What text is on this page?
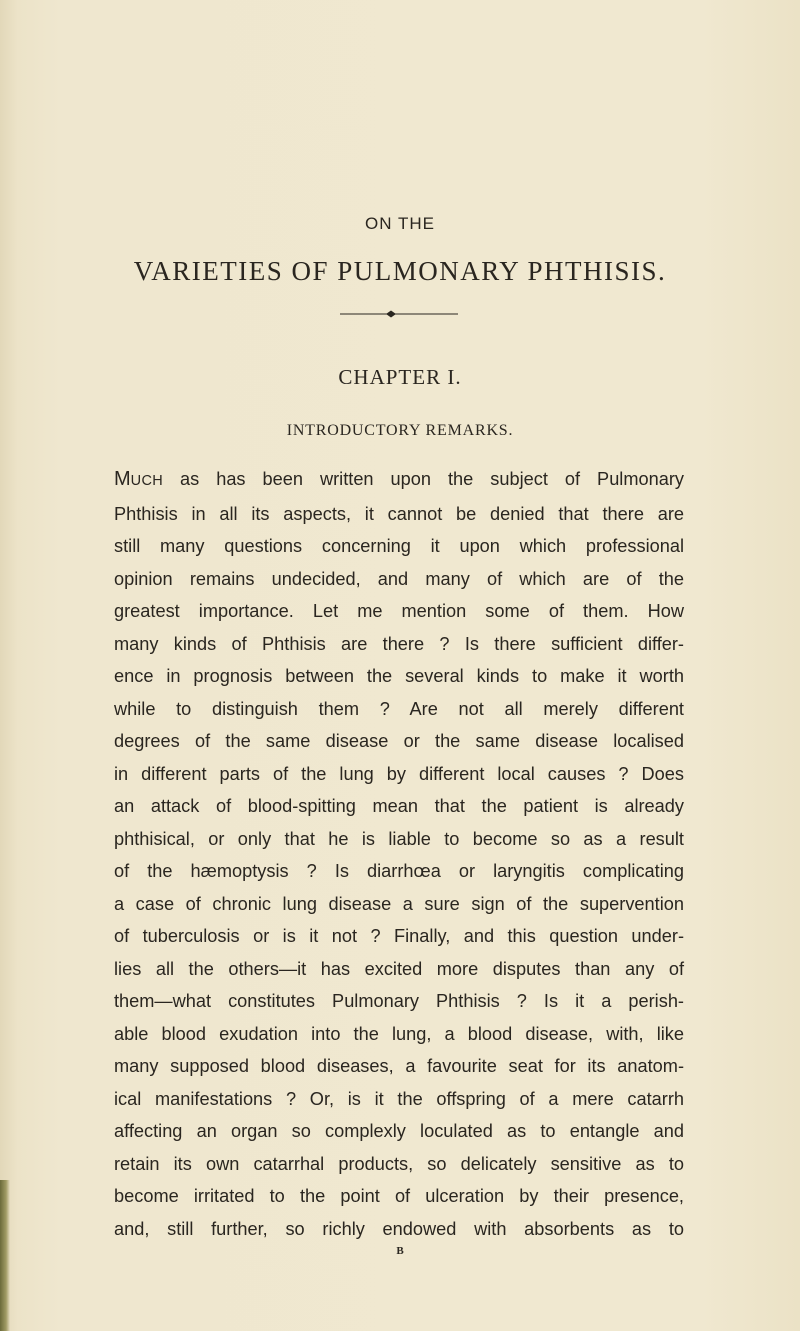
ON THE
VARIETIES OF PULMONARY PHTHISIS.
CHAPTER I.
INTRODUCTORY REMARKS.
MUCH as has been written upon the subject of Pulmonary
Phthisis in all its aspects, it cannot be denied that there are
still many questions concerning it upon which professional
opinion remains undecided, and many of which are of the
greatest importance. Let me mention some of them. How
many kinds of Phthisis are there ? Is there sufficient differ-
ence in prognosis between the several kinds to make it worth
while to distinguish them ? Are not all merely different
degrees of the same disease or the same disease localised
in different parts of the lung by different local causes ? Does
an attack of blood-spitting mean that the patient is already
phthisical, or only that he is liable to become so as a result
of the hæmoptysis ? Is diarrhœa or laryngitis complicating
a case of chronic lung disease a sure sign of the supervention
of tuberculosis or is it not ? Finally, and this question under-
lies all the others—it has excited more disputes than any of
them—what constitutes Pulmonary Phthisis ? Is it a perish-
able blood exudation into the lung, a blood disease, with, like
many supposed blood diseases, a favourite seat for its anatom-
ical manifestations ? Or, is it the offspring of a mere catarrh
affecting an organ so complexly loculated as to entangle and
retain its own catarrhal products, so delicately sensitive as to
become irritated to the point of ulceration by their presence,
and, still further, so richly endowed with absorbents as to
B
